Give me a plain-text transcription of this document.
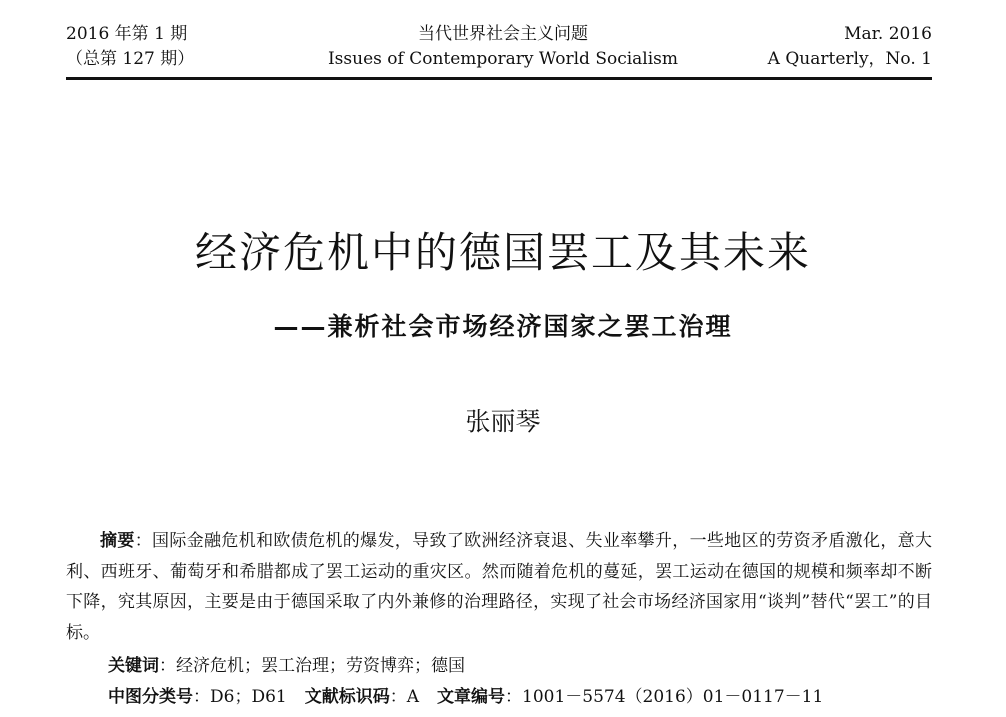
2016 年第 1 期
（总第 127 期）
当代世界社会主义问题
Issues of Contemporary World Socialism
Mar. 2016
A Quarterly，No. 1
经济危机中的德国罢工及其未来
——兼析社会市场经济国家之罢工治理
张丽琴

摘要：国际金融危机和欧债危机的爆发，导致了欧洲经济衰退、失业率攀升，一些地区的劳资矛盾激化，意大利、西班牙、葡萄牙和希腊都成了罢工运动的重灾区。然而随着危机的蔓延，罢工运动在德国的规模和频率却不断下降，究其原因，主要是由于德国采取了内外兼修的治理路径，实现了社会市场经济国家用“谈判”替代“罢工”的目标。

关键词：经济危机；罢工治理；劳资博弈；德国
中图分类号：D6；D61 文献标识码：A 文章编号：1001－5574（2016）01－0117－11
